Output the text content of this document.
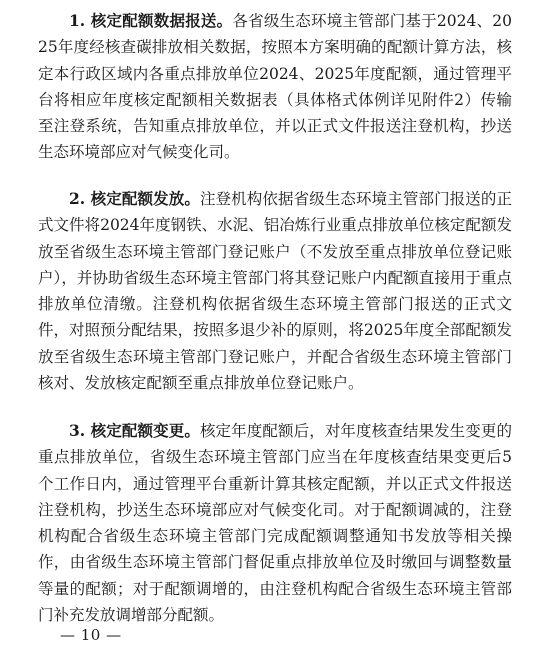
1. 核定配额数据报送。各省级生态环境主管部门基于2024、2025年度经核查碳排放相关数据，按照本方案明确的配额计算方法，核定本行政区域内各重点排放单位2024、2025年度配额，通过管理平台将相应年度核定配额相关数据表（具体格式体例详见附件2）传输至注登系统，告知重点排放单位，并以正式文件报送注登机构，抄送生态环境部应对气候变化司。

2. 核定配额发放。注登机构依据省级生态环境主管部门报送的正式文件将2024年度钢铁、水泥、铝冶炼行业重点排放单位核定配额发放至省级生态环境主管部门登记账户（不发放至重点排放单位登记账户），并协助省级生态环境主管部门将其登记账户内配额直接用于重点排放单位清缴。注登机构依据省级生态环境主管部门报送的正式文件，对照预分配结果，按照多退少补的原则，将2025年度全部配额发放至省级生态环境主管部门登记账户，并配合省级生态环境主管部门核对、发放核定配额至重点排放单位登记账户。

3. 核定配额变更。核定年度配额后，对年度核查结果发生变更的重点排放单位，省级生态环境主管部门应当在年度核查结果变更后5个工作日内，通过管理平台重新计算其核定配额，并以正式文件报送注登机构，抄送生态环境部应对气候变化司。对于配额调减的，注登机构配合省级生态环境主管部门完成配额调整通知书发放等相关操作，由省级生态环境主管部门督促重点排放单位及时缴回与调整数量等量的配额；对于配额调增的，由注登机构配合省级生态环境主管部门补充发放调增部分配额。

— 10 —
